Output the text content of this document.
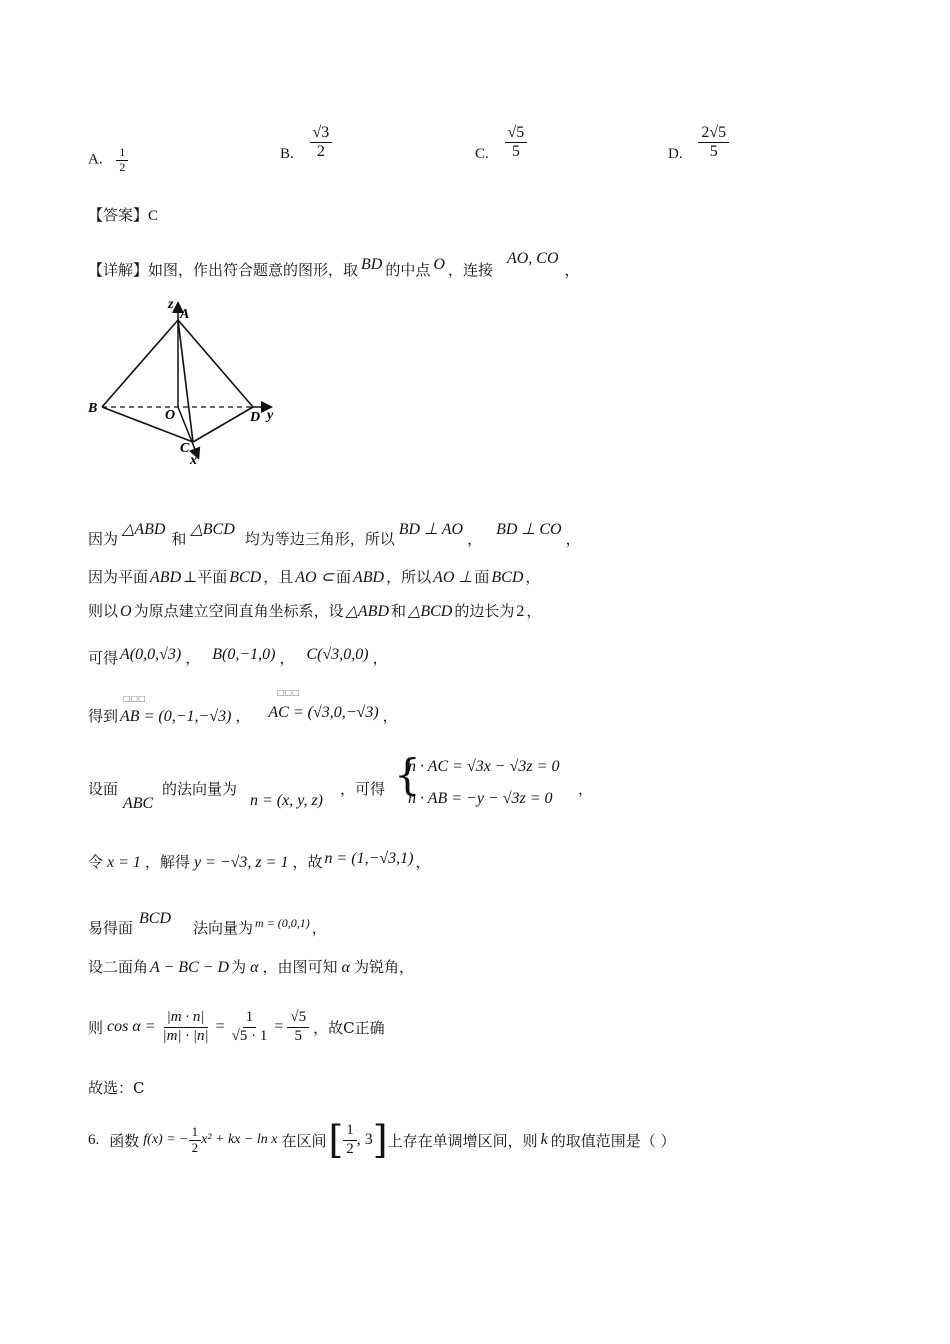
A. $\frac{1}{2}$	B. $\frac{√3}{2}$	C. $\frac{√5}{5}$	D. $\frac{2√5}{5}$
【答案】C
【详解】如图，作出符合题意的图形，取 BD 的中点 O ，连接AO, CO，
z
A
B	O	D y
C
x
因为△ABD和△BCD均为等边三角形，所以BD ⊥ AO，BD ⊥ CO，
因为平面 ABD ⊥平面 BCD ，且 AO ⊂ 面 ABD ，所以 AO ⊥ 面 BCD ，
则以 O 为原点建立空间直角坐标系，设 △ABD 和 △BCD 的边长为 2 ，
可得 A(0,0,√3) ， B(0,−1,0) ， C(√3,0,0) ，
得到 AB = (0,−1,−√3) ， AC = (√3,0,−√3) ，
□□□
□□□
设面
ABC
的法向量为
n = (x, y, z)
，可得 {
n · AC = √3x − √3z = 0
n · AB = −y − √3z = 0
，
令 x = 1 ，解得 y = −√3, z = 1 ，故 n = (1,−√3,1) ，
易得面BCD法向量为 $^{m = (0,0,1)}$ ，
设二面角 A − BC − D 为 α ，由图可知 α 为锐角，
则 $\cos \alpha = \frac{|m \cdot n|}{|m| \cdot |n|} = \frac{1}{√5 \cdot 1} = \frac{√5}{5}$ ，故C正确
故选：C
6. 函数 f(x) = − $\frac{1}{2} x^2$ + kx − ln x 在区间 [ $\frac{1}{2}$ , 3 ] 上存在单调增区间，则 k 的取值范围是（ ）
